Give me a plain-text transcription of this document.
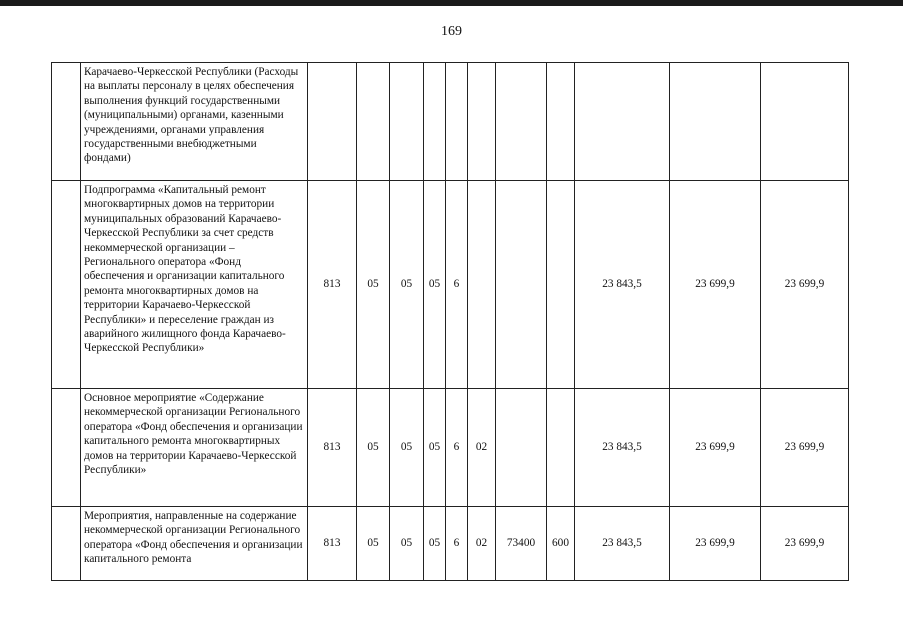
169
	Карачаево-Черкесской Республики (Расходы на выплаты персоналу в целях обеспечения выполнения функций государственными (муниципальными) органами, казенными учреждениями, органами управления государственными внебюджетными фондами)											
	Подпрограмма «Капитальный ремонт многоквартирных домов на территории муниципальных образований Карачаево-Черкесской Республики за счет средств некоммерческой организации – Регионального оператора «Фонд обеспечения и организации капитального ремонта многоквартирных домов на территории Карачаево-Черкесской Республики» и переселение граждан из аварийного жилищного фонда Карачаево-Черкесской Республики»	813	05	05	05	6				23 843,5	23 699,9	23 699,9
	Основное мероприятие «Содержание некоммерческой организации Регионального оператора «Фонд обеспечения и организации капитального ремонта многоквартирных домов на территории Карачаево-Черкесской Республики»	813	05	05	05	6	02			23 843,5	23 699,9	23 699,9
	Мероприятия, направленные на содержание некоммерческой организации Регионального оператора «Фонд обеспечения и организации капитального ремонта	813	05	05	05	6	02	73400	600	23 843,5	23 699,9	23 699,9
